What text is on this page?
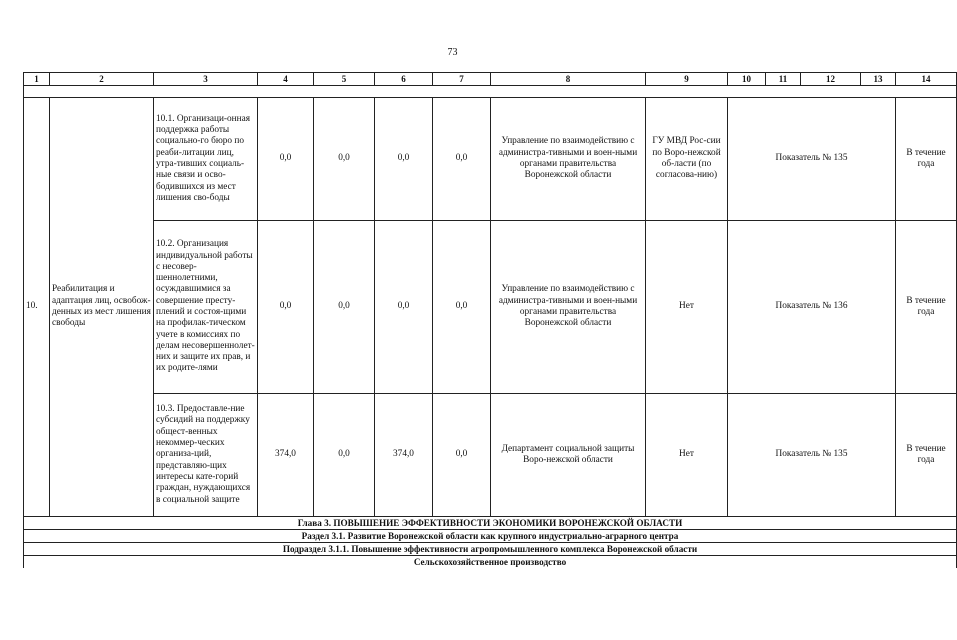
73
1	2	3	4	5	6	7	8	9	10	11	12	13	14

10.	Реабилитация и адаптация лиц, освобож-денных из мест лишения свободы	10.1. Организаци-онная поддержка работы социально-го бюро по реаби-литации лиц, утра-тивших социаль-ные связи и осво-бодившихся из мест лишения сво-боды	0,0	0,0	0,0	0,0	Управление по взаимодействию с администра-тивными и воен-ными органами правительства Воронежской области	ГУ МВД Рос-сии по Воро-нежской об-ласти (по согласова-нию)	Показатель № 135				В течение года
		10.2. Организация индивидуальной работы с несовер-шеннолетними, осуждавшимися за совершение престу-плений и состоя-щими на профилак-тическом учете в комиссиях по делам несовершеннолет-них и защите их прав, и их родите-лями	0,0	0,0	0,0	0,0	Управление по взаимодействию с администра-тивными и воен-ными органами правительства Воронежской области	Нет	Показатель № 136				В течение года
		10.3. Предоставле-ние субсидий на поддержку общест-венных некоммер-ческих организа-ций, представляю-щих интересы кате-горий граждан, нуждающихся в социальной защите	374,0	0,0	374,0	0,0	Департамент социальной защиты Воро-нежской области	Нет	Показатель № 135				В течение года
Глава 3. ПОВЫШЕНИЕ ЭФФЕКТИВНОСТИ ЭКОНОМИКИ ВОРОНЕЖСКОЙ ОБЛАСТИ													
Раздел 3.1. Развитие Воронежской области как крупного индустриально-аграрного центра													
Подраздел 3.1.1. Повышение эффективности агропромышленного комплекса Воронежской области													
Сельскохозяйственное производство													
